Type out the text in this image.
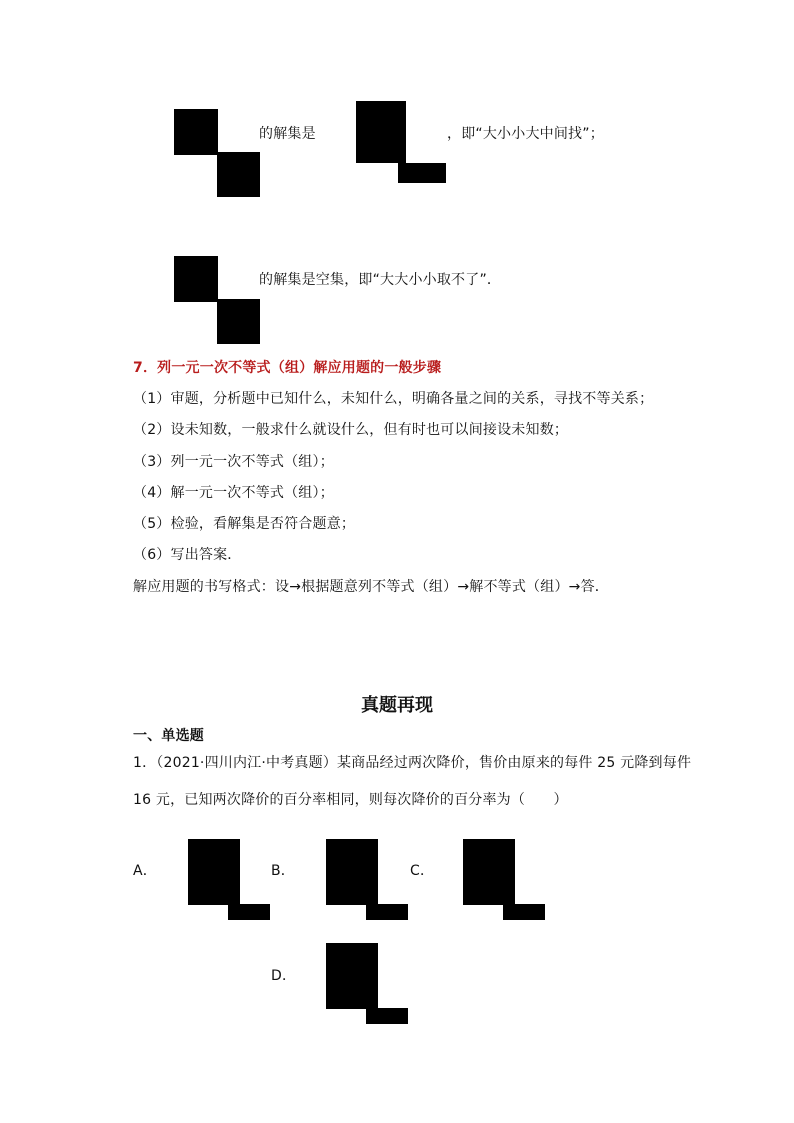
的解集是	，即“大小小大中间找”；
的解集是空集，即“大大小小取不了”．
7．列一元一次不等式（组）解应用题的一般步骤
（1）审题，分析题中已知什么，未知什么，明确各量之间的关系，寻找不等关系；
（2）设未知数，一般求什么就设什么，但有时也可以间接设未知数；
（3）列一元一次不等式（组）；
（4）解一元一次不等式（组）；
（5）检验，看解集是否符合题意；
（6）写出答案．
解应用题的书写格式：设→根据题意列不等式（组）→解不等式（组）→答．
真题再现
一、单选题
1．（2021·四川内江·中考真题）某商品经过两次降价，售价由原来的每件 25 元降到每件
16 元，已知两次降价的百分率相同，则每次降价的百分率为（　　）
A．	B．	C．
D．
